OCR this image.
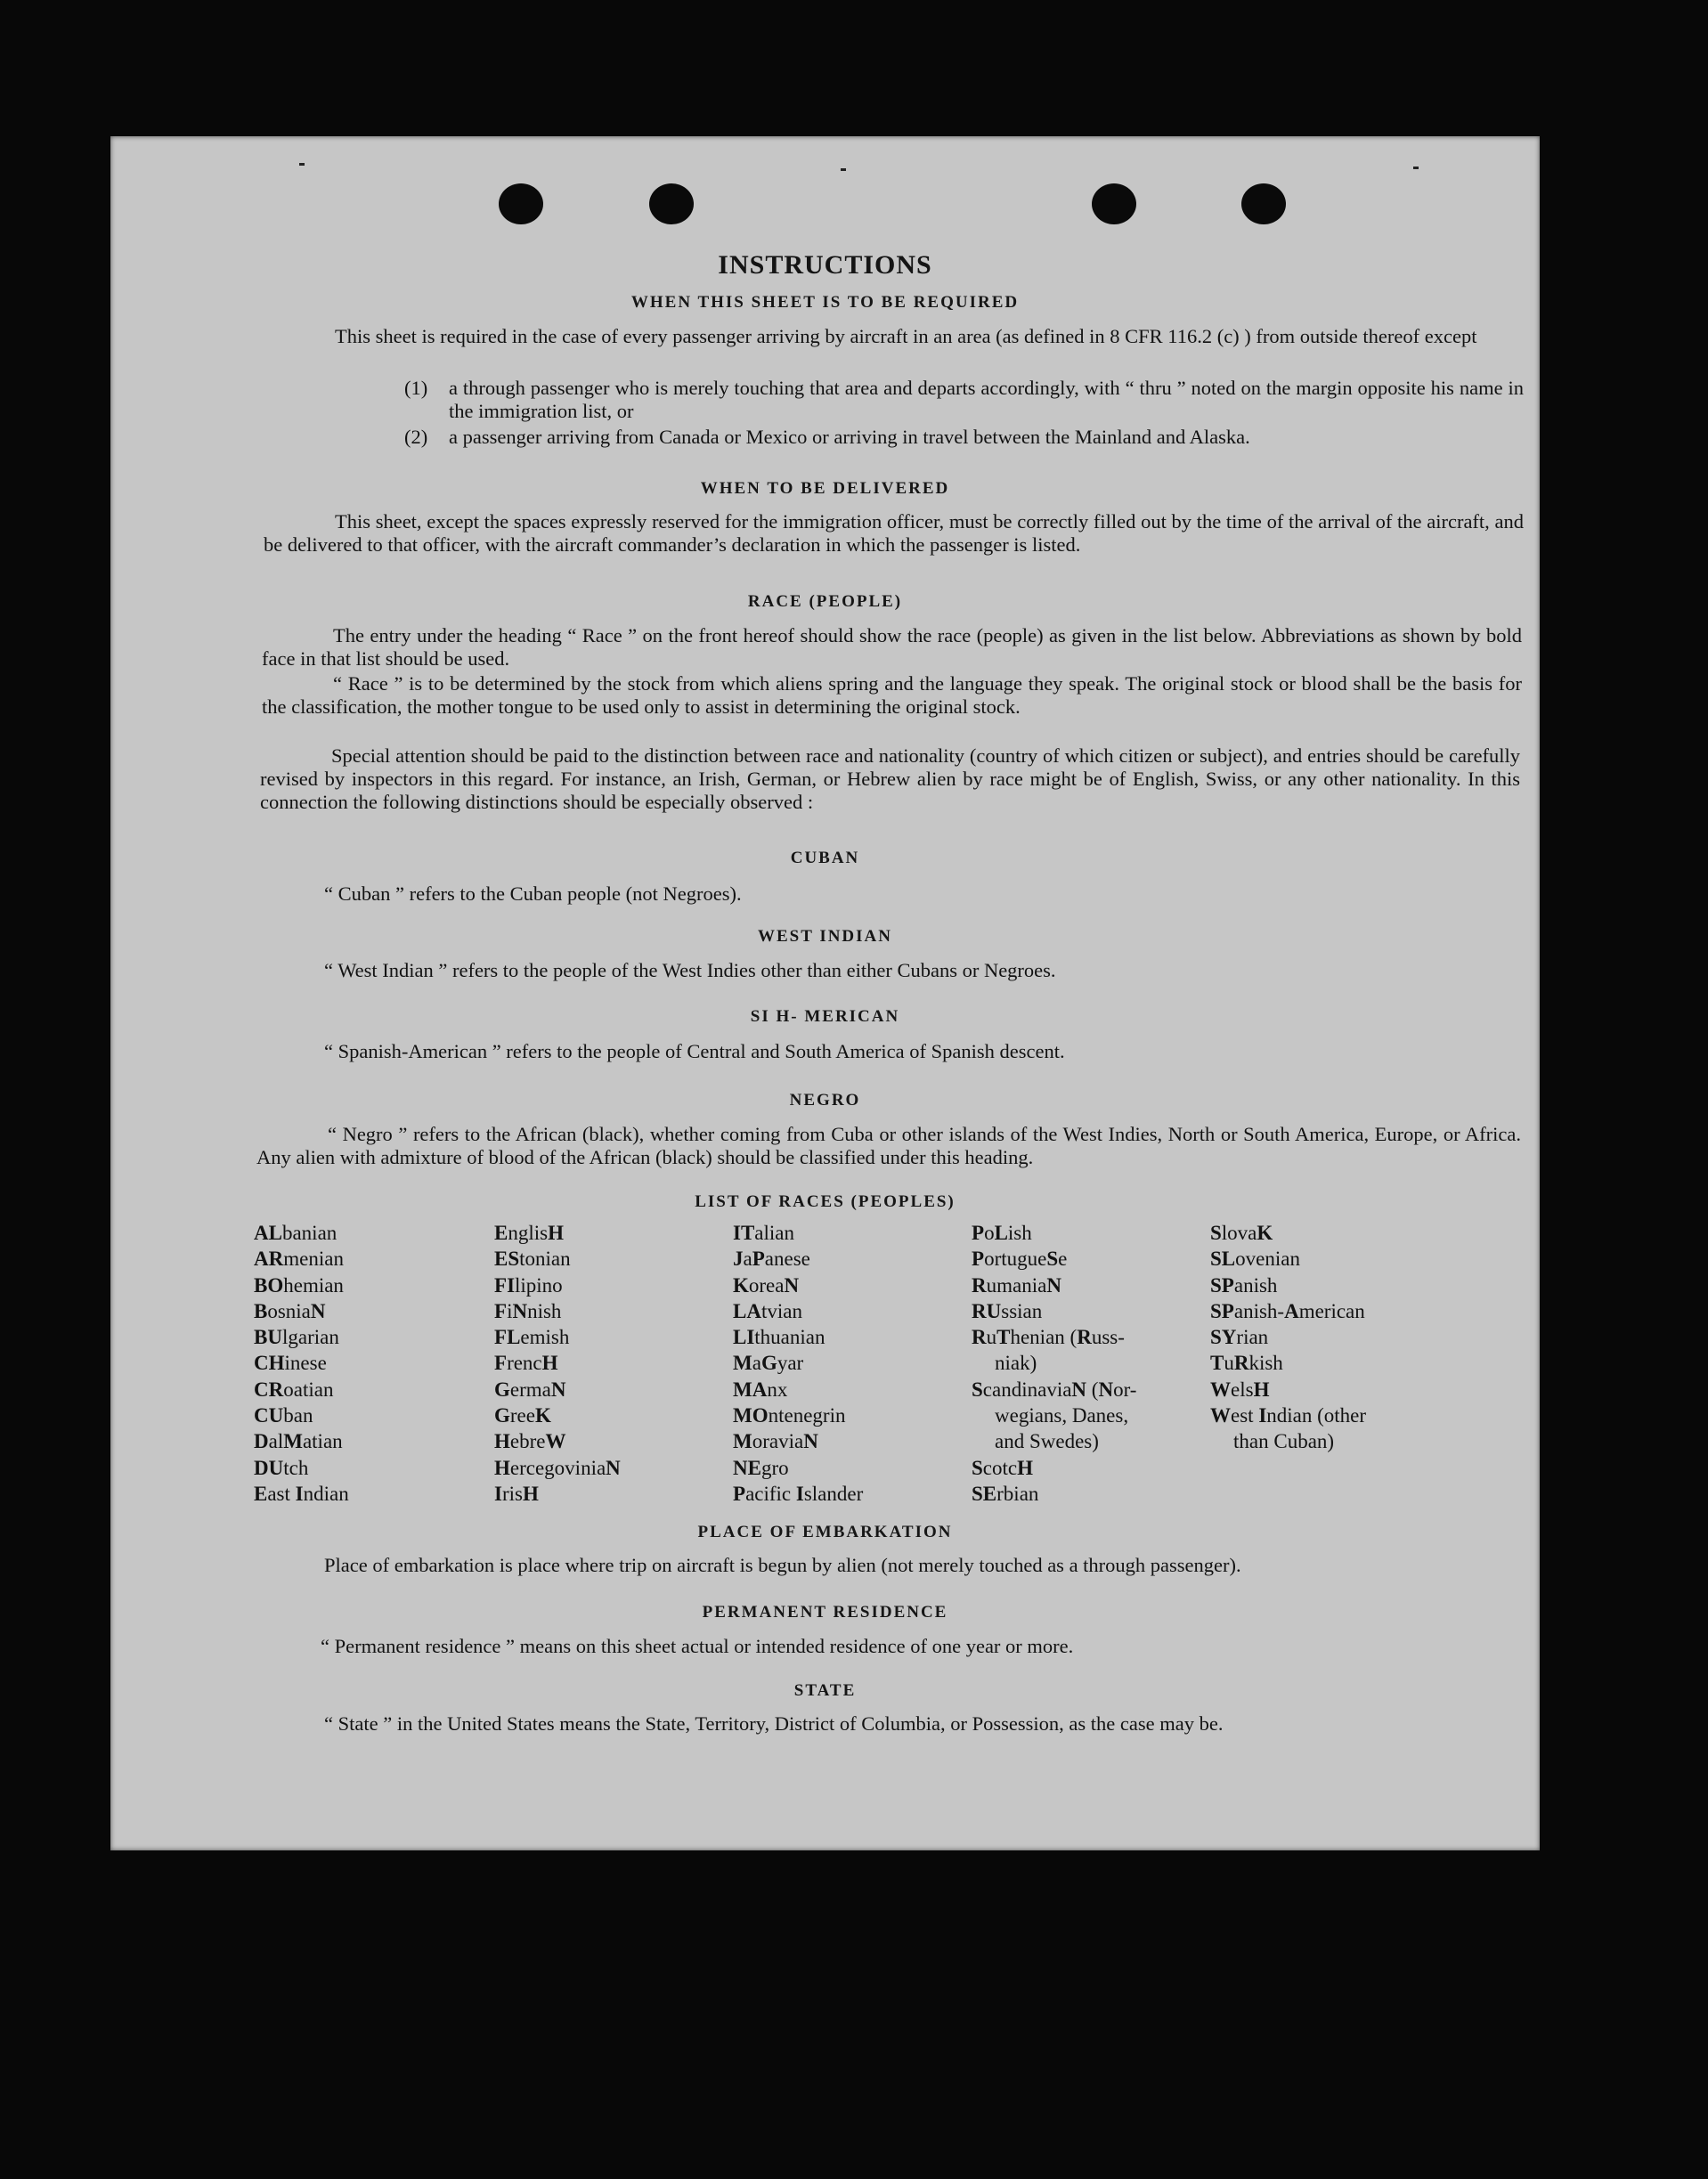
INSTRUCTIONS
WHEN THIS SHEET IS TO BE REQUIRED
This sheet is required in the case of every passenger arriving by aircraft in an area (as defined in 8 CFR 116.2 (c) ) from outside thereof except
(1) a through passenger who is merely touching that area and departs accordingly, with “ thru ” noted on the margin opposite his name in the immigration list, or
(2) a passenger arriving from Canada or Mexico or arriving in travel between the Mainland and Alaska.
WHEN TO BE DELIVERED
This sheet, except the spaces expressly reserved for the immigration officer, must be correctly filled out by the time of the arrival of the aircraft, and be delivered to that officer, with the aircraft commander’s declaration in which the passenger is listed.
RACE (PEOPLE)
The entry under the heading “ Race ” on the front hereof should show the race (people) as given in the list below. Abbreviations as shown by bold face in that list should be used.
“ Race ” is to be determined by the stock from which aliens spring and the language they speak. The original stock or blood shall be the basis for the classification, the mother tongue to be used only to assist in determining the original stock.
Special attention should be paid to the distinction between race and nationality (country of which citizen or subject), and entries should be carefully revised by inspectors in this regard. For instance, an Irish, German, or Hebrew alien by race might be of English, Swiss, or any other nationality. In this connection the following distinctions should be especially observed :
CUBAN
“ Cuban ” refers to the Cuban people (not Negroes).
WEST INDIAN
“ West Indian ” refers to the people of the West Indies other than either Cubans or Negroes.
SI H- MERICAN
“ Spanish-American ” refers to the people of Central and South America of Spanish descent.
NEGRO
“ Negro ” refers to the African (black), whether coming from Cuba or other islands of the West Indies, North or South America, Europe, or Africa. Any alien with admixture of blood of the African (black) should be classified under this heading.
LIST OF RACES (PEOPLES)
ALbanian
ARmenian
BOhemian
BosniaN
BUlgarian
CHinese
CRoatian
CUban
DalMatian
DUtch
East Indian
EnglisH
EStonian
FIlipino
FiNnish
FLemish
FrencH
GermaN
GreeK
HebreW
HercegoviniaN
IrisH
ITalian
JaPanese
KoreaN
LAtvian
LIthuanian
MaGyar
MAnx
MOntenegrin
MoraviaN
NEgro
Pacific Islander
PoLish
PortugueSe
RumaniaN
RUssian
RuThenian (Russ-
niak)
ScandinaviaN (Nor-
wegians, Danes,
and Swedes)
ScotcH
SErbian
SlovaK
SLovenian
SPanish
SPanish-American
SYrian
TuRkish
WelsH
West Indian (other
than Cuban)
PLACE OF EMBARKATION
Place of embarkation is place where trip on aircraft is begun by alien (not merely touched as a through passenger).
PERMANENT RESIDENCE
“ Permanent residence ” means on this sheet actual or intended residence of one year or more.
STATE
“ State ” in the United States means the State, Territory, District of Columbia, or Possession, as the case may be.
